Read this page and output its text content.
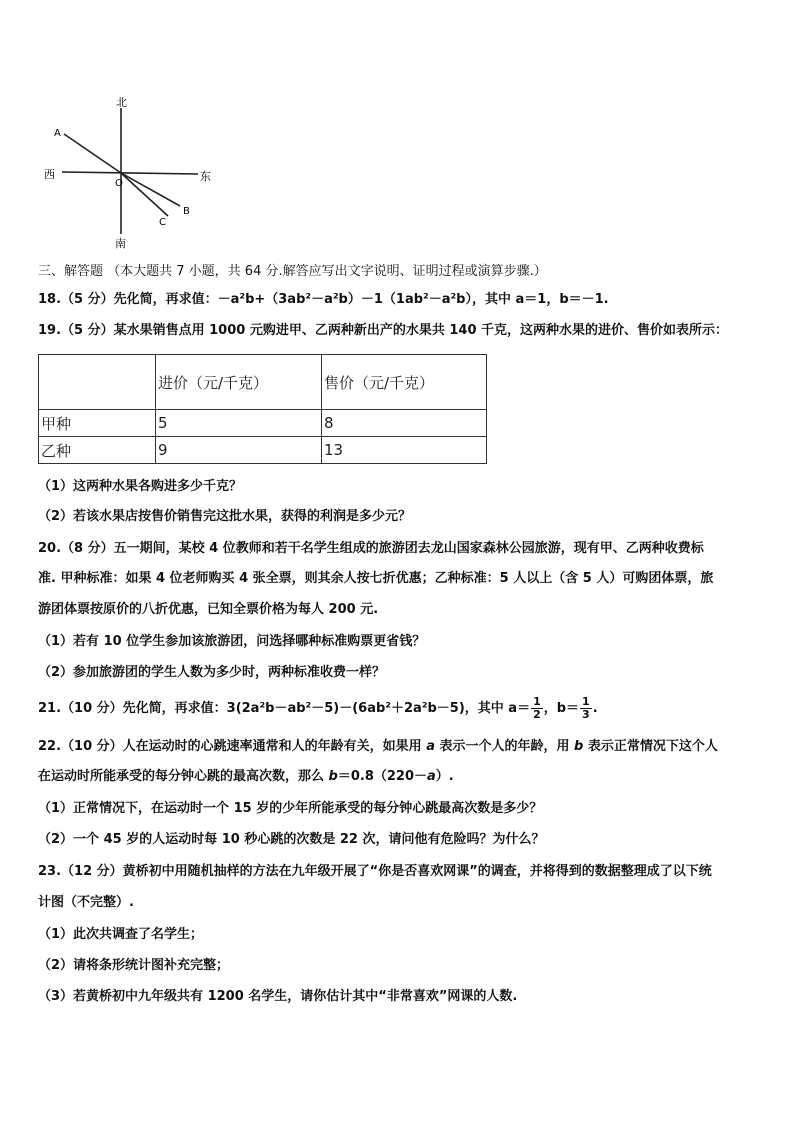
北
南
西	东
O
A
B
C
三、解答题 （本大题共 7 小题，共 64 分.解答应写出文字说明、证明过程或演算步骤.）
18.（5 分）先化简，再求值：－a²b+（3ab²－a²b）－1（1ab²－a²b），其中 a＝1，b＝－1.
19.（5 分）某水果销售点用 1000 元购进甲、乙两种新出产的水果共 140 千克，这两种水果的进价、售价如表所示：
	进价（元/千克）	售价（元/千克）
甲种	5	8
乙种	9	13
（1）这两种水果各购进多少千克？
（2）若该水果店按售价销售完这批水果，获得的利润是多少元？
20.（8 分）五一期间，某校 4 位教师和若干名学生组成的旅游团去龙山国家森林公园旅游，现有甲、乙两种收费标
准. 甲种标准：如果 4 位老师购买 4 张全票，则其余人按七折优惠；乙种标准：5 人以上（含 5 人）可购团体票，旅
游团体票按原价的八折优惠，已知全票价格为每人 200 元.
（1）若有 10 位学生参加该旅游团，问选择哪种标准购票更省钱？
（2）参加旅游团的学生人数为多少时，两种标准收费一样？
21.（10 分）先化简，再求值：3(2a²b－ab²－5)－(6ab²＋2a²b－5)，其中 $a= \frac{1}{2}$ ，$b= \frac{1}{3}$ .
22.（10 分）人在运动时的心跳速率通常和人的年龄有关，如果用 a 表示一个人的年龄，用 b 表示正常情况下这个人
在运动时所能承受的每分钟心跳的最高次数，那么 b＝0.8（220－a）.
（1）正常情况下，在运动时一个 15 岁的少年所能承受的每分钟心跳最高次数是多少？
（2）一个 45 岁的人运动时每 10 秒心跳的次数是 22 次，请问他有危险吗？为什么？
23.（12 分）黄桥初中用随机抽样的方法在九年级开展了“你是否喜欢网课”的调查，并将得到的数据整理成了以下统
计图（不完整）.
（1）此次共调查了名学生；
（2）请将条形统计图补充完整；
（3）若黄桥初中九年级共有 1200 名学生，请你估计其中“非常喜欢”网课的人数.
